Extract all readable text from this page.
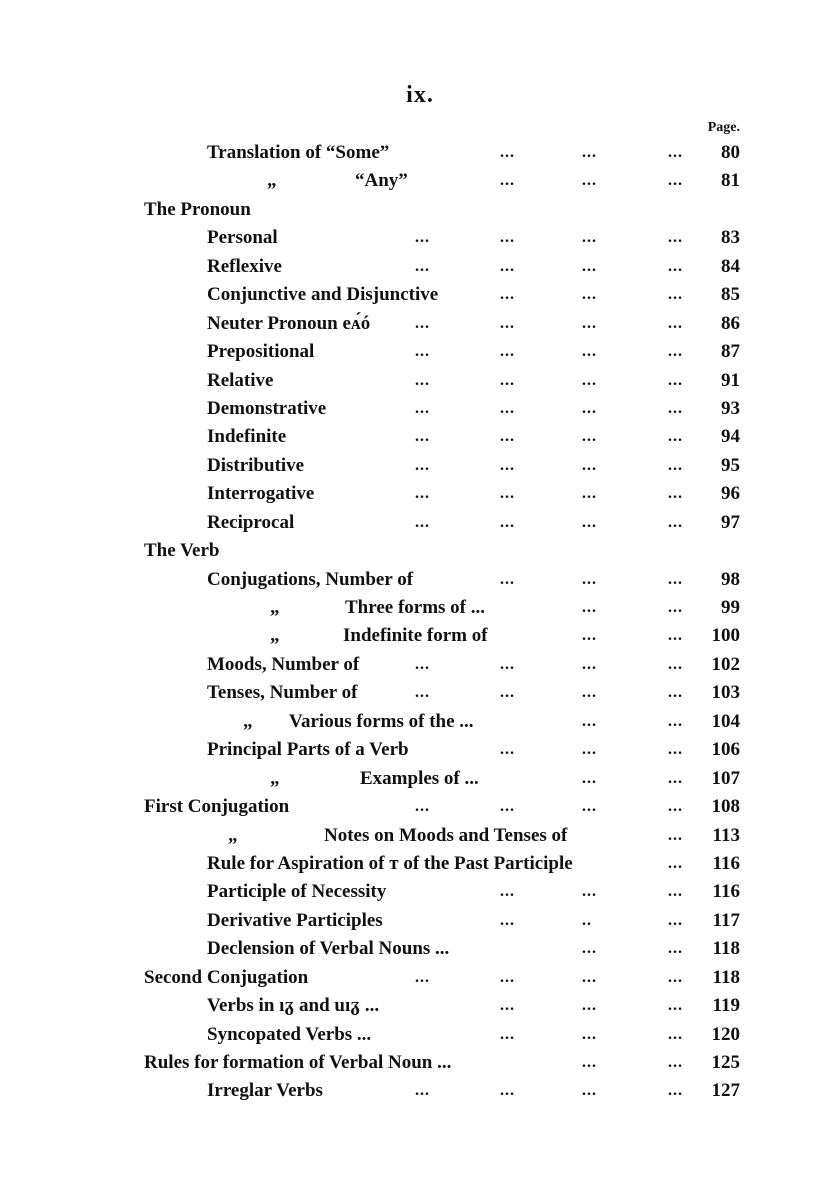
ix.
Page.
Translation of “Some”	...	...	...	80
„	“Any”	...	...	...	81
The Pronoun
Personal	...	...	...	...	83
Reflexive	...	...	...	...	84
Conjunctive and Disjunctive	...	...	...	85
Neuter Pronoun eᴀ́ó	...	...	...	...	86
Prepositional	...	...	...	...	87
Relative	...	...	...	...	91
Demonstrative	...	...	...	...	93
Indefinite	...	...	...	...	94
Distributive	...	...	...	...	95
Interrogative	...	...	...	...	96
Reciprocal	...	...	...	...	97
The Verb
Conjugations, Number of	...	...	...	98
„	Three forms of ...	...	...	99
„	Indefinite form of	...	...	100
Moods, Number of	...	...	...	...	102
Tenses, Number of	...	...	...	...	103
„ Various forms of the ...	...	...	104
Principal Parts of a Verb	...	...	...	106
„	Examples of ...	...	...	107
First Conjugation	...	...	...	...	108
„	Notes on Moods and Tenses of	...	113
Rule for Aspiration of ᴛ of the Past Participle	...	116
Participle of Necessity	...	...	...	116
Derivative Participles	...	..	...	117
Declension of Verbal Nouns ...	...	...	118
Second Conjugation	...	...	...	...	118
Verbs in ıᵹ and uıᵹ ...	...	...	...	119
Syncopated Verbs ...	...	...	...	120
Rules for formation of Verbal Noun ...	...	...	125
Irreglar Verbs	...	...	...	...	127
